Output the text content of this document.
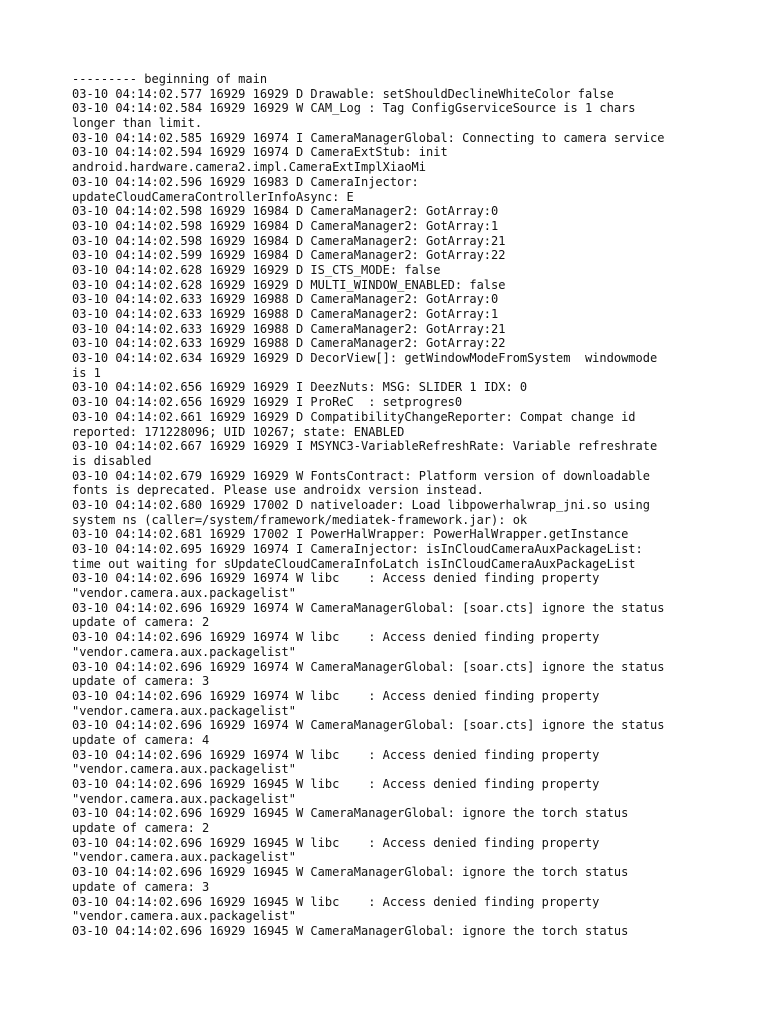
--------- beginning of main
03-10 04:14:02.577 16929 16929 D Drawable: setShouldDeclineWhiteColor false
03-10 04:14:02.584 16929 16929 W CAM_Log : Tag ConfigGserviceSource is 1 chars
longer than limit.
03-10 04:14:02.585 16929 16974 I CameraManagerGlobal: Connecting to camera service
03-10 04:14:02.594 16929 16974 D CameraExtStub: init
android.hardware.camera2.impl.CameraExtImplXiaoMi
03-10 04:14:02.596 16929 16983 D CameraInjector:
updateCloudCameraControllerInfoAsync: E
03-10 04:14:02.598 16929 16984 D CameraManager2: GotArray:0
03-10 04:14:02.598 16929 16984 D CameraManager2: GotArray:1
03-10 04:14:02.598 16929 16984 D CameraManager2: GotArray:21
03-10 04:14:02.599 16929 16984 D CameraManager2: GotArray:22
03-10 04:14:02.628 16929 16929 D IS_CTS_MODE: false
03-10 04:14:02.628 16929 16929 D MULTI_WINDOW_ENABLED: false
03-10 04:14:02.633 16929 16988 D CameraManager2: GotArray:0
03-10 04:14:02.633 16929 16988 D CameraManager2: GotArray:1
03-10 04:14:02.633 16929 16988 D CameraManager2: GotArray:21
03-10 04:14:02.633 16929 16988 D CameraManager2: GotArray:22
03-10 04:14:02.634 16929 16929 D DecorView[]: getWindowModeFromSystem  windowmode
is 1
03-10 04:14:02.656 16929 16929 I DeezNuts: MSG: SLIDER 1 IDX: 0
03-10 04:14:02.656 16929 16929 I ProReC  : setprogres0
03-10 04:14:02.661 16929 16929 D CompatibilityChangeReporter: Compat change id
reported: 171228096; UID 10267; state: ENABLED
03-10 04:14:02.667 16929 16929 I MSYNC3-VariableRefreshRate: Variable refreshrate
is disabled
03-10 04:14:02.679 16929 16929 W FontsContract: Platform version of downloadable
fonts is deprecated. Please use androidx version instead.
03-10 04:14:02.680 16929 17002 D nativeloader: Load libpowerhalwrap_jni.so using
system ns (caller=/system/framework/mediatek-framework.jar): ok
03-10 04:14:02.681 16929 17002 I PowerHalWrapper: PowerHalWrapper.getInstance
03-10 04:14:02.695 16929 16974 I CameraInjector: isInCloudCameraAuxPackageList:
time out waiting for sUpdateCloudCameraInfoLatch isInCloudCameraAuxPackageList
03-10 04:14:02.696 16929 16974 W libc    : Access denied finding property
"vendor.camera.aux.packagelist"
03-10 04:14:02.696 16929 16974 W CameraManagerGlobal: [soar.cts] ignore the status
update of camera: 2
03-10 04:14:02.696 16929 16974 W libc    : Access denied finding property
"vendor.camera.aux.packagelist"
03-10 04:14:02.696 16929 16974 W CameraManagerGlobal: [soar.cts] ignore the status
update of camera: 3
03-10 04:14:02.696 16929 16974 W libc    : Access denied finding property
"vendor.camera.aux.packagelist"
03-10 04:14:02.696 16929 16974 W CameraManagerGlobal: [soar.cts] ignore the status
update of camera: 4
03-10 04:14:02.696 16929 16974 W libc    : Access denied finding property
"vendor.camera.aux.packagelist"
03-10 04:14:02.696 16929 16945 W libc    : Access denied finding property
"vendor.camera.aux.packagelist"
03-10 04:14:02.696 16929 16945 W CameraManagerGlobal: ignore the torch status
update of camera: 2
03-10 04:14:02.696 16929 16945 W libc    : Access denied finding property
"vendor.camera.aux.packagelist"
03-10 04:14:02.696 16929 16945 W CameraManagerGlobal: ignore the torch status
update of camera: 3
03-10 04:14:02.696 16929 16945 W libc    : Access denied finding property
"vendor.camera.aux.packagelist"
03-10 04:14:02.696 16929 16945 W CameraManagerGlobal: ignore the torch status
